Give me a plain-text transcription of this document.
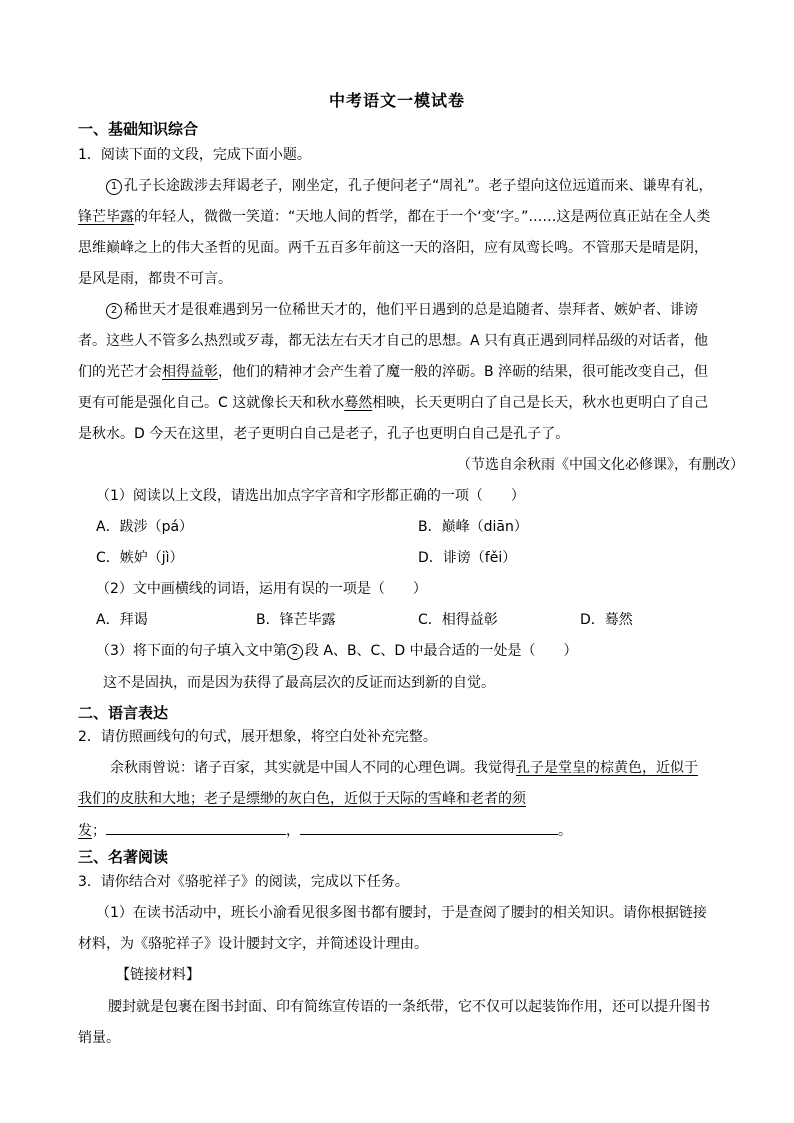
中考语文一模试卷
一、基础知识综合
1．阅读下面的文段，完成下面小题。
1 孔子长途跋涉去拜谒老子，刚坐定，孔子便问老子“周礼”。老子望向这位远道而来、谦卑有礼，
锋芒毕露的年轻人，微微一笑道：“天地人间的哲学，都在于一个‘变’字。”……这是两位真正站在全人类
思维巅峰之上的伟大圣哲的见面。两千五百多年前这一天的洛阳，应有凤鸾长鸣。不管那天是晴是阴，
是风是雨，都贵不可言。
2 稀世天才是很难遇到另一位稀世天才的，他们平日遇到的总是追随者、崇拜者、嫉妒者、诽谤
者。这些人不管多么热烈或歹毒，都无法左右天才自己的思想。A 只有真正遇到同样品级的对话者，他
们的光芒才会相得益彰，他们的精神才会产生着了魔一般的淬砺。B 淬砺的结果，很可能改变自己，但
更有可能是强化自己。C 这就像长天和秋水蓦然相映，长天更明白了自己是长天，秋水也更明白了自己
是秋水。D 今天在这里，老子更明白自己是老子，孔子也更明白自己是孔子了。
（节选自余秋雨《中国文化必修课》，有删改）
（1）阅读以上文段，请选出加点字字音和字形都正确的一项（　　）
A．跋涉（pá）	B．巅峰（diān）
C．嫉妒（jì）	D．诽谤（fěi）
（2）文中画横线的词语，运用有误的一项是（　　）
A．拜谒	B．锋芒毕露	C．相得益彰	D．蓦然
（3）将下面的句子填入文中第 2 段 A、B、C、D 中最合适的一处是（　　）
这不是固执，而是因为获得了最高层次的反证而达到新的自觉。
二、语言表达
2．请仿照画线句的句式，展开想象，将空白处补充完整。
余秋雨曾说：诸子百家，其实就是中国人不同的心理色调。我觉得孔子是堂皇的棕黄色，近似于
我们的皮肤和大地；老子是缥缈的灰白色，近似于天际的雪峰和老者的须
发；	，	。
三、名著阅读
3．请你结合对《骆驼祥子》的阅读，完成以下任务。
（1）在读书活动中，班长小渝看见很多图书都有腰封，于是查阅了腰封的相关知识。请你根据链接
材料，为《骆驼祥子》设计腰封文字，并简述设计理由。
【链接材料】
腰封就是包裹在图书封面、印有简练宣传语的一条纸带，它不仅可以起装饰作用，还可以提升图书
销量。
